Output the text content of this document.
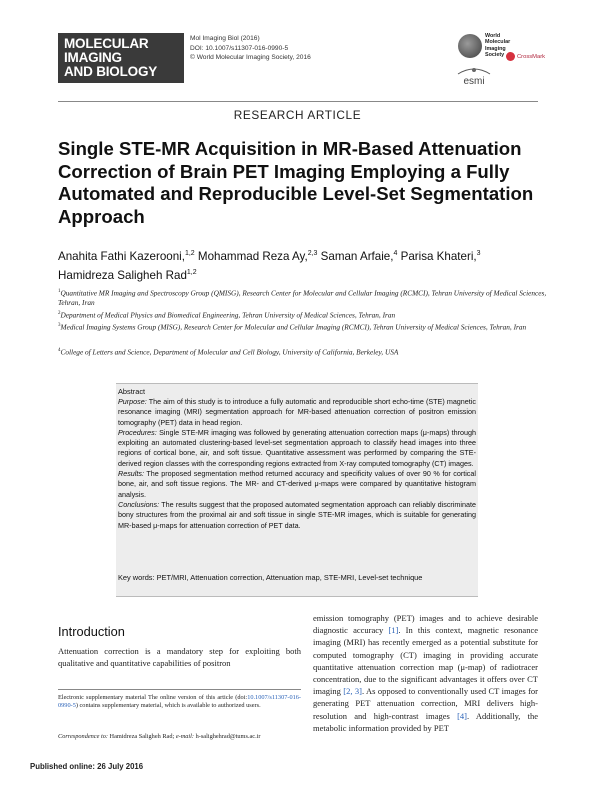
MOLECULAR
IMAGING
AND BIOLOGY
Mol Imaging Biol (2016)
DOI: 10.1007/s11307-016-0990-5
© World Molecular Imaging Society, 2016
World
Molecular
Imaging
Society
esmi
CrossMark
RESEARCH ARTICLE
Single STE-MR Acquisition in MR-Based Attenuation Correction of Brain PET Imaging Employing a Fully Automated and Reproducible Level-Set Segmentation Approach
Anahita Fathi Kazerooni,$^{1,2}$ Mohammad Reza Ay,$^{2,3}$ Saman Arfaie,$^4$ Parisa Khateri,$^3$
Hamidreza Saligheh Rad$^{1,2}$
$^1$Quantitative MR Imaging and Spectroscopy Group (QMISG), Research Center for Molecular and Cellular Imaging (RCMCI), Tehran University of Medical Sciences, Tehran, Iran
$^2$Department of Medical Physics and Biomedical Engineering, Tehran University of Medical Sciences, Tehran, Iran
$^3$Medical Imaging Systems Group (MISG), Research Center for Molecular and Cellular Imaging (RCMCI), Tehran University of Medical Sciences, Tehran, Iran
$^4$College of Letters and Science, Department of Molecular and Cell Biology, University of California, Berkeley, USA
Abstract
Purpose: The aim of this study is to introduce a fully automatic and reproducible short echo-time (STE) magnetic resonance imaging (MRI) segmentation approach for MR-based attenuation correction of positron emission tomography (PET) data in head region.
Procedures: Single STE-MR imaging was followed by generating attenuation correction maps (μ-maps) through exploiting an automated clustering-based level-set segmentation approach to classify head images into three regions of cortical bone, air, and soft tissue. Quantitative assessment was performed by comparing the STE-derived region classes with the corresponding regions extracted from X-ray computed tomography (CT) images.
Results: The proposed segmentation method returned accuracy and specificity values of over 90 % for cortical bone, air, and soft tissue regions. The MR- and CT-derived μ-maps were compared by quantitative histogram analysis.
Conclusions: The results suggest that the proposed automated segmentation approach can reliably discriminate bony structures from the proximal air and soft tissue in single STE-MR images, which is suitable for generating MR-based μ-maps for attenuation correction of PET data.
Key words: PET/MRI, Attenuation correction, Attenuation map, STE-MRI, Level-set technique
Introduction
Attenuation correction is a mandatory step for exploiting both qualitative and quantitative capabilities of positron
emission tomography (PET) images and to achieve desirable diagnostic accuracy [1]. In this context, magnetic resonance imaging (MRI) has recently emerged as a potential substitute for computed tomography (CT) imaging in providing accurate quantitative attenuation correction map (μ-map) of radiotracer concentration, due to the significant advantages it offers over CT imaging [2, 3]. As opposed to conventionally used CT images for generating PET attenuation correction, MRI delivers high-resolution and high-contrast images [4]. Additionally, the metabolic information provided by PET
Electronic supplementary material The online version of this article (doi:10.1007/s11307-016-0990-5) contains supplementary material, which is available to authorized users.
Correspondence to: Hamidreza Saligheh Rad; e-mail: h-salighehrad@tums.ac.ir
Published online: 26 July 2016
